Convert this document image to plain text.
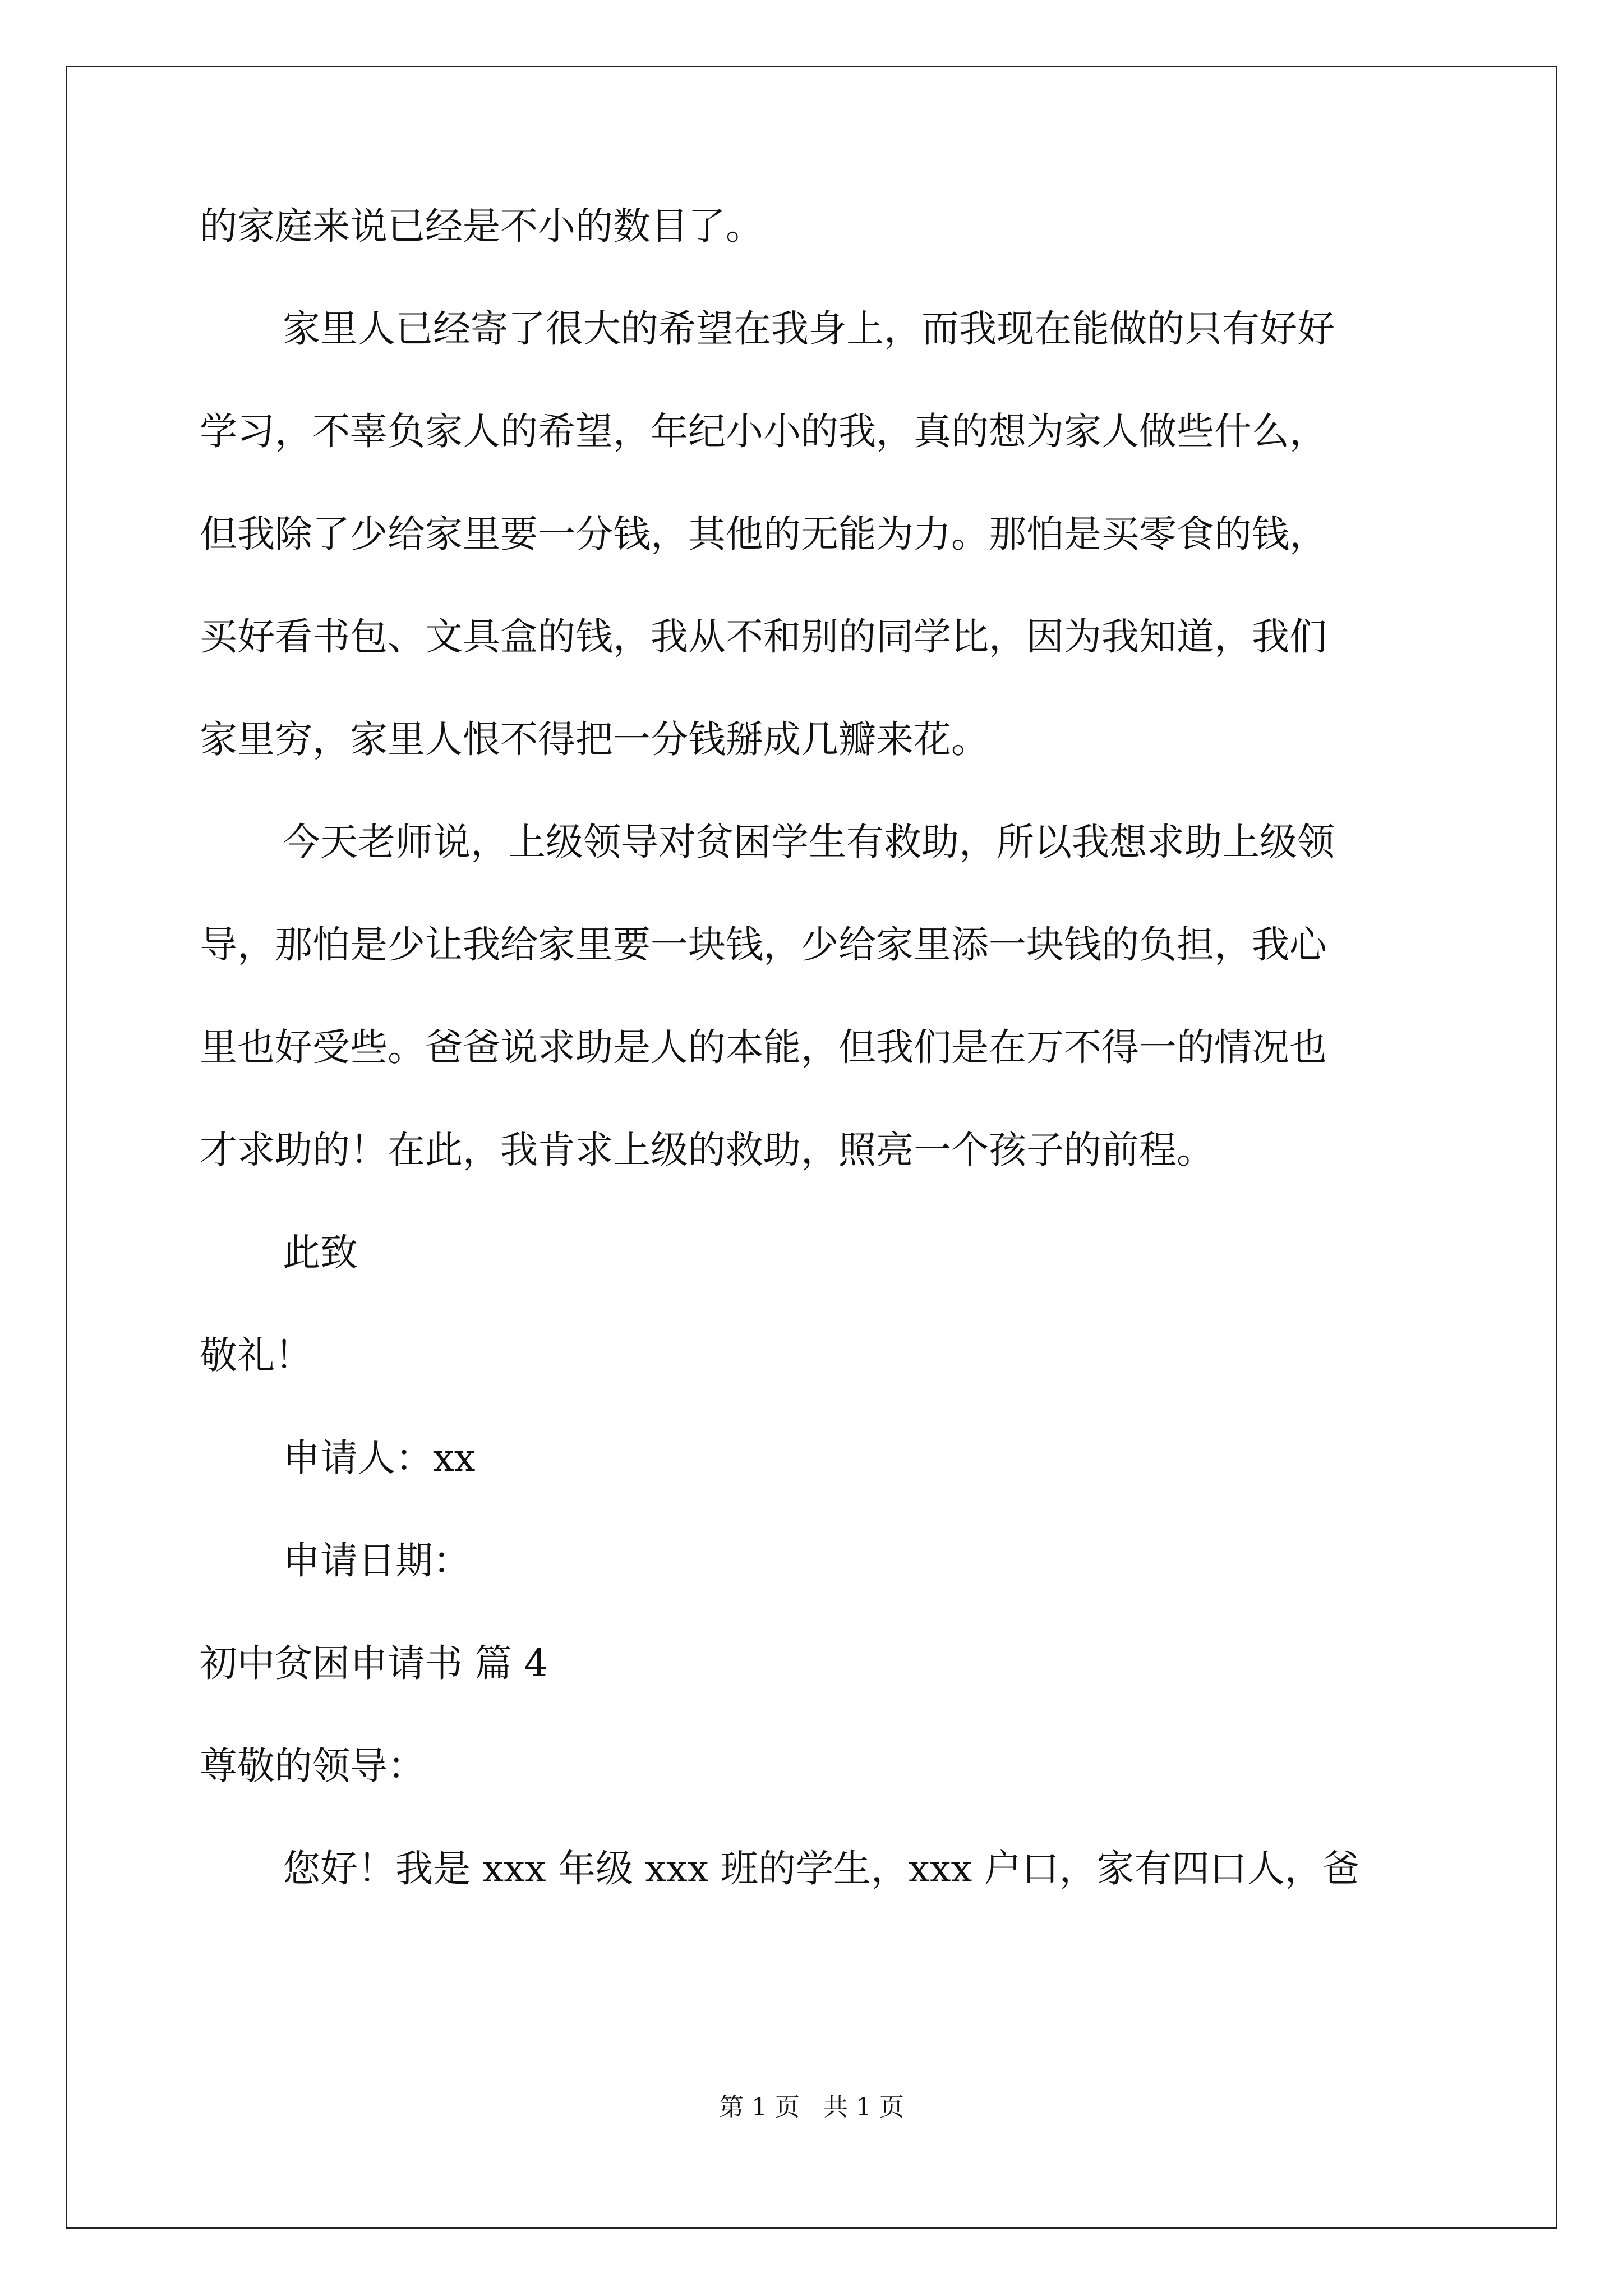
的家庭来说已经是不小的数目了。

家里人已经寄了很大的希望在我身上，而我现在能做的只有好好

学习，不辜负家人的希望，年纪小小的我，真的想为家人做些什么，

但我除了少给家里要一分钱，其他的无能为力。那怕是买零食的钱，

买好看书包、文具盒的钱，我从不和别的同学比，因为我知道，我们

家里穷，家里人恨不得把一分钱掰成几瓣来花。

今天老师说，上级领导对贫困学生有救助，所以我想求助上级领

导，那怕是少让我给家里要一块钱，少给家里添一块钱的负担，我心

里也好受些。爸爸说求助是人的本能，但我们是在万不得一的情况也

才求助的！在此，我肯求上级的救助，照亮一个孩子的前程。

此致

敬礼！

申请人：xx

申请日期：

初中贫困申请书 篇 4

尊敬的领导：

您好！我是 xxx 年级 xxx 班的学生，xxx 户口，家有四口人，爸

第 1 页   共 1 页
